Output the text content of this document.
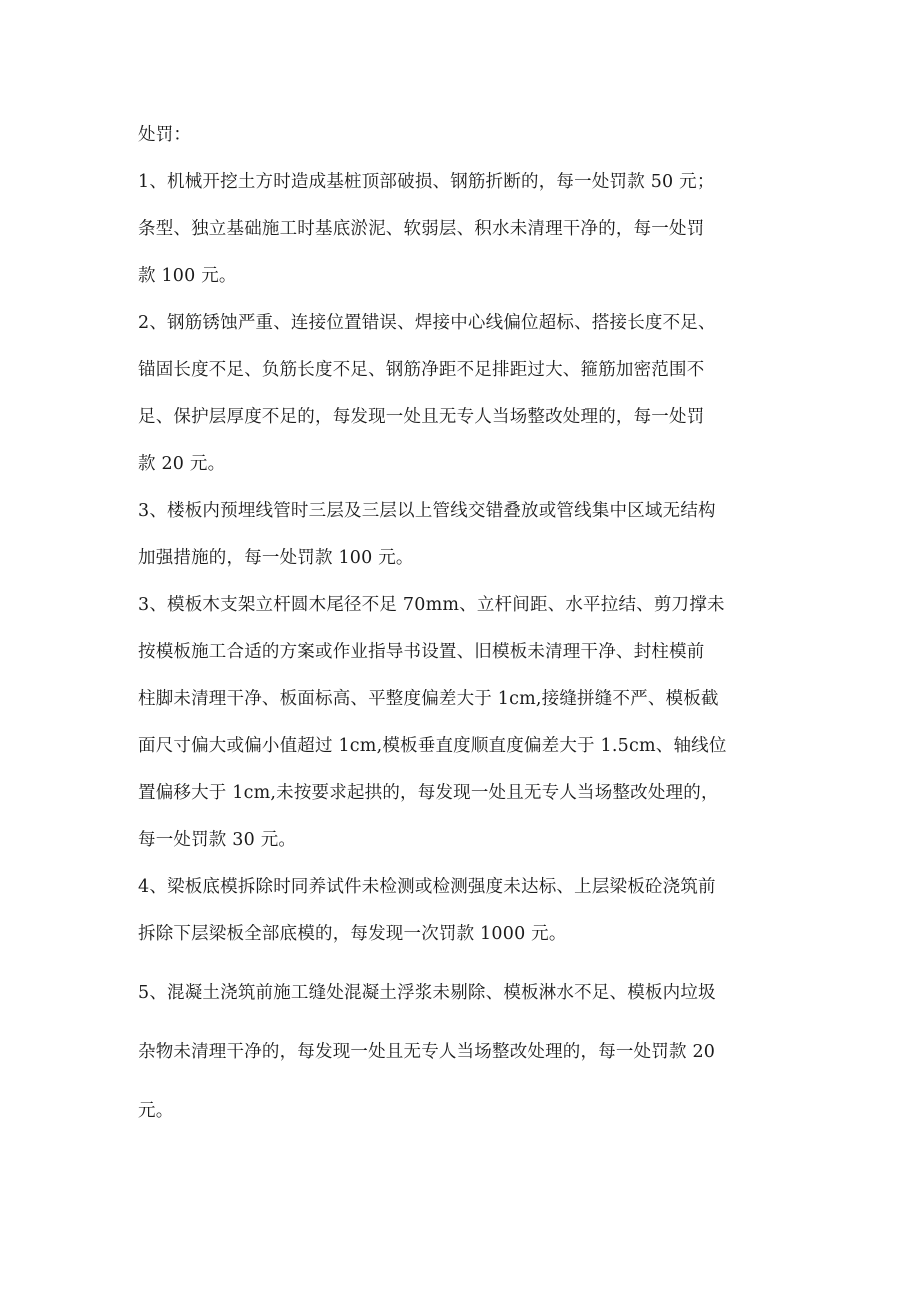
处罚：
1、机械开挖土方时造成基桩顶部破损、钢筋折断的，每一处罚款 50 元；
条型、独立基础施工时基底淤泥、软弱层、积水未清理干净的，每一处罚
款 100 元。
2、钢筋锈蚀严重、连接位置错误、焊接中心线偏位超标、搭接长度不足、
锚固长度不足、负筋长度不足、钢筋净距不足排距过大、箍筋加密范围不
足、保护层厚度不足的，每发现一处且无专人当场整改处理的，每一处罚
款 20 元。
3、楼板内预埋线管时三层及三层以上管线交错叠放或管线集中区域无结构
加强措施的，每一处罚款 100 元。
3、模板木支架立杆圆木尾径不足 70mm、立杆间距、水平拉结、剪刀撑未
按模板施工合适的方案或作业指导书设置、旧模板未清理干净、封柱模前
柱脚未清理干净、板面标高、平整度偏差大于 1cm,接缝拼缝不严、模板截
面尺寸偏大或偏小值超过 1cm,模板垂直度顺直度偏差大于 1.5cm、轴线位
置偏移大于 1cm,未按要求起拱的，每发现一处且无专人当场整改处理的，
每一处罚款 30 元。
4、梁板底模拆除时同养试件未检测或检测强度未达标、上层梁板砼浇筑前
拆除下层梁板全部底模的，每发现一次罚款 1000 元。
5、混凝土浇筑前施工缝处混凝土浮浆未剔除、模板淋水不足、模板内垃圾
杂物未清理干净的，每发现一处且无专人当场整改处理的，每一处罚款 20
元。
